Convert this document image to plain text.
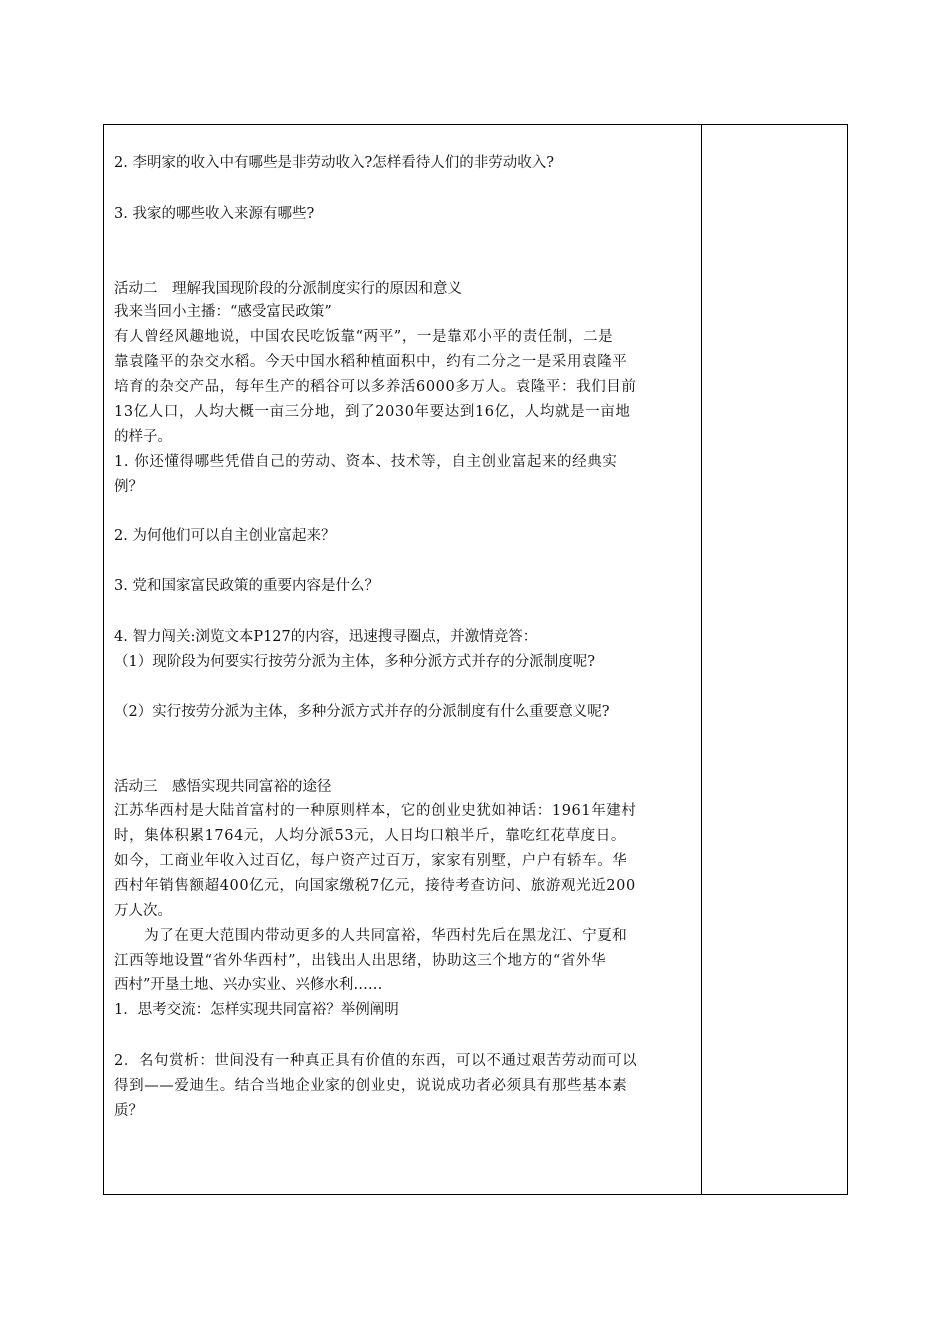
2. 李明家的收入中有哪些是非劳动收入?怎样看待人们的非劳动收入?
3. 我家的哪些收入来源有哪些?
活动二　理解我国现阶段的分派制度实行的原因和意义
我来当回小主播：“感受富民政策”
有人曾经风趣地说，中国农民吃饭靠“两平”，一是靠邓小平的责任制，二是
靠袁隆平的杂交水稻。今天中国水稻种植面积中，约有二分之一是采用袁隆平
培育的杂交产品，每年生产的稻谷可以多养活6000多万人。袁隆平：我们目前
13亿人口，人均大概一亩三分地，到了2030年要达到16亿，人均就是一亩地
的样子。
1. 你还懂得哪些凭借自己的劳动、资本、技术等，自主创业富起来的经典实
例？
2. 为何他们可以自主创业富起来？
3. 党和国家富民政策的重要内容是什么？
4. 智力闯关:浏览文本P127的内容，迅速搜寻圈点，并激情竞答：
（1）现阶段为何要实行按劳分派为主体，多种分派方式并存的分派制度呢?
（2）实行按劳分派为主体，多种分派方式并存的分派制度有什么重要意义呢?
活动三　感悟实现共同富裕的途径
江苏华西村是大陆首富村的一种原则样本，它的创业史犹如神话：1961年建村
时，集体积累1764元，人均分派53元，人日均口粮半斤，靠吃红花草度日。
如今，工商业年收入过百亿，每户资产过百万，家家有别墅，户户有轿车。华
西村年销售额超400亿元，向国家缴税7亿元，接待考查访问、旅游观光近200
万人次。
　　为了在更大范围内带动更多的人共同富裕，华西村先后在黑龙江、宁夏和
江西等地设置“省外华西村”，出钱出人出思绪，协助这三个地方的“省外华
西村”开垦土地、兴办实业、兴修水利……
1．思考交流：怎样实现共同富裕？举例阐明
2．名句赏析：世间没有一种真正具有价值的东西，可以不通过艰苦劳动而可以
得到——爱迪生。结合当地企业家的创业史，说说成功者必须具有那些基本素
质？
